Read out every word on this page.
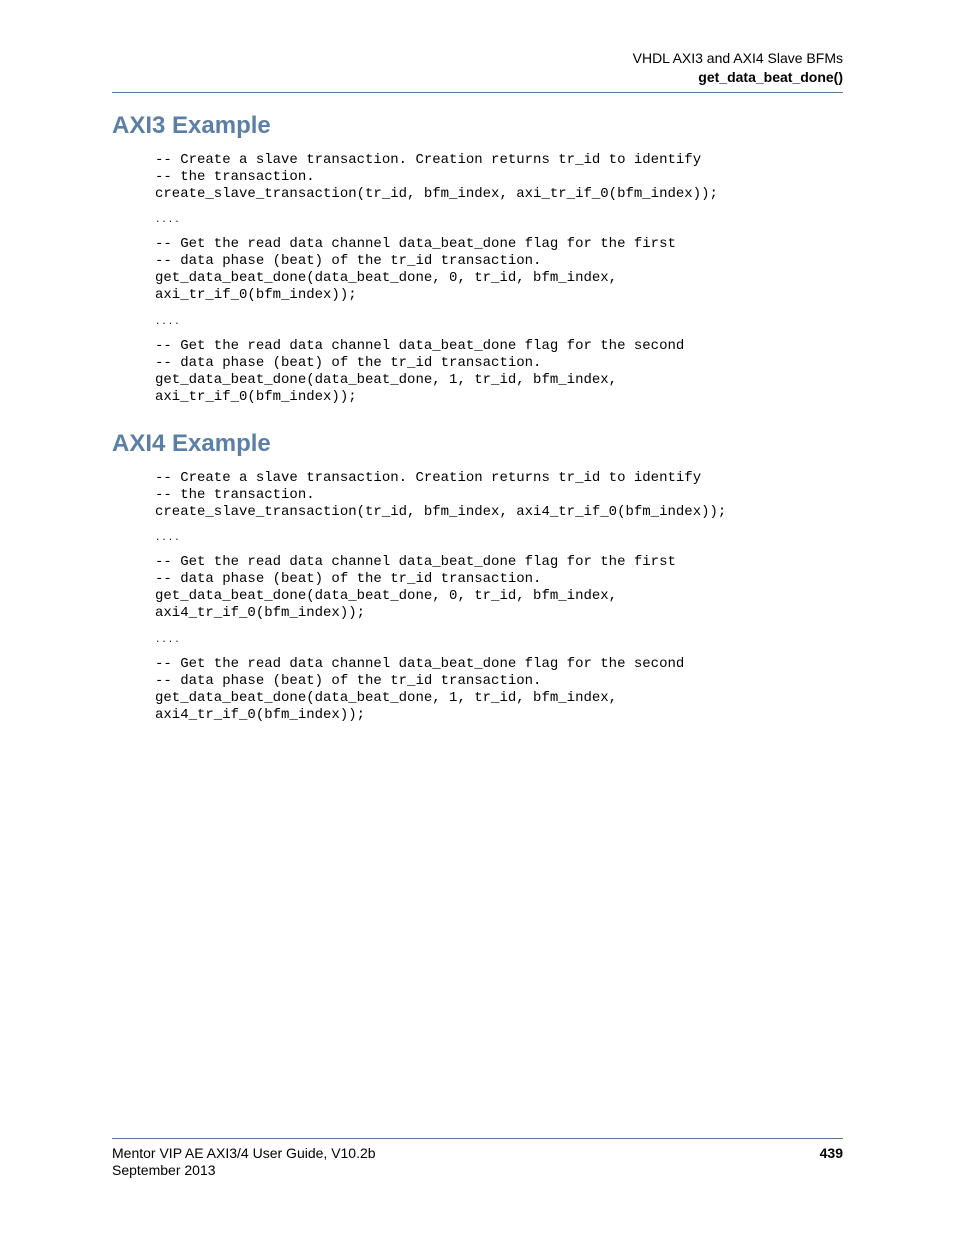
VHDL AXI3 and AXI4 Slave BFMs
get_data_beat_done()
AXI3 Example
-- Create a slave transaction. Creation returns tr_id to identify
-- the transaction.
create_slave_transaction(tr_id, bfm_index, axi_tr_if_0(bfm_index));
....
-- Get the read data channel data_beat_done flag for the first
-- data phase (beat) of the tr_id transaction.
get_data_beat_done(data_beat_done, 0, tr_id, bfm_index,
axi_tr_if_0(bfm_index));
....
-- Get the read data channel data_beat_done flag for the second
-- data phase (beat) of the tr_id transaction.
get_data_beat_done(data_beat_done, 1, tr_id, bfm_index,
axi_tr_if_0(bfm_index));
AXI4 Example
-- Create a slave transaction. Creation returns tr_id to identify
-- the transaction.
create_slave_transaction(tr_id, bfm_index, axi4_tr_if_0(bfm_index));
....
-- Get the read data channel data_beat_done flag for the first
-- data phase (beat) of the tr_id transaction.
get_data_beat_done(data_beat_done, 0, tr_id, bfm_index,
axi4_tr_if_0(bfm_index));
....
-- Get the read data channel data_beat_done flag for the second
-- data phase (beat) of the tr_id transaction.
get_data_beat_done(data_beat_done, 1, tr_id, bfm_index,
axi4_tr_if_0(bfm_index));
Mentor VIP AE AXI3/4 User Guide, V10.2b
September 2013
439
